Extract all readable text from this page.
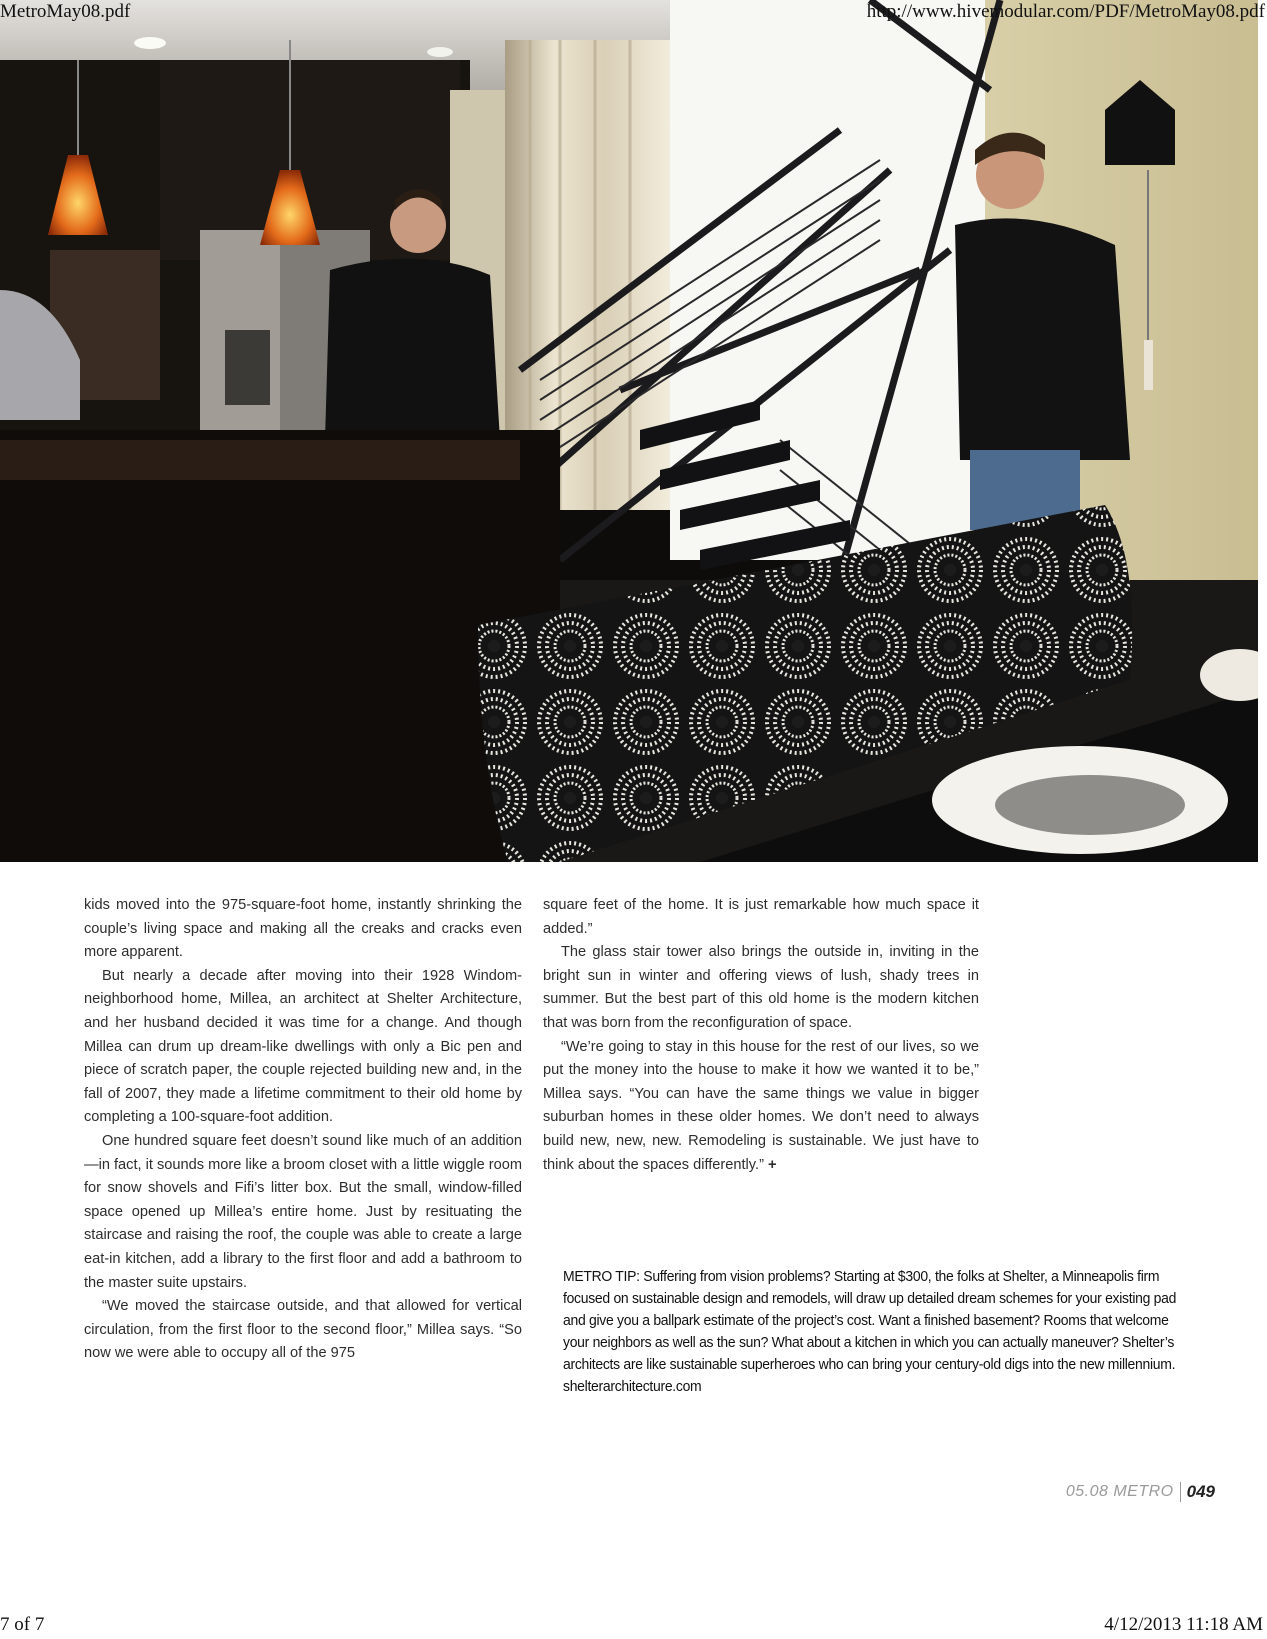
MetroMay08.pdf	http://www.hivemodular.com/PDF/MetroMay08.pdf

kids moved into the 975-square-foot home, instantly shrinking the couple’s living space and making all the creaks and cracks even more apparent.

But nearly a decade after moving into their 1928 Windom-neighborhood home, Millea, an architect at Shelter Architecture, and her husband decided it was time for a change. And though Millea can drum up dream-like dwellings with only a Bic pen and piece of scratch paper, the couple rejected building new and, in the fall of 2007, they made a lifetime commitment to their old home by completing a 100-square-foot addition.

One hundred square feet doesn’t sound like much of an addition—in fact, it sounds more like a broom closet with a little wiggle room for snow shovels and Fifi’s litter box. But the small, window-filled space opened up Millea’s entire home. Just by resituating the staircase and raising the roof, the couple was able to create a large eat-in kitchen, add a library to the first floor and add a bathroom to the master suite upstairs.

“We moved the staircase outside, and that allowed for vertical circulation, from the first floor to the second floor,” Millea says. “So now we were able to occupy all of the 975

square feet of the home. It is just remarkable how much space it added.”

The glass stair tower also brings the outside in, inviting in the bright sun in winter and offering views of lush, shady trees in summer. But the best part of this old home is the modern kitchen that was born from the reconfiguration of space.

“We’re going to stay in this house for the rest of our lives, so we put the money into the house to make it how we wanted it to be,” Millea says. “You can have the same things we value in bigger suburban homes in these older homes. We don’t need to always build new, new, new. Remodeling is sustainable. We just have to think about the spaces differently.” +

METRO TIP: Suffering from vision problems? Starting at $300, the folks at Shelter, a Minneapolis firm focused on sustainable design and remodels, will draw up detailed dream schemes for your existing pad and give you a ballpark estimate of the project’s cost. Want a finished basement? Rooms that welcome your neighbors as well as the sun? What about a kitchen in which you can actually maneuver? Shelter’s architects are like sustainable superheroes who can bring your century-old digs into the new millennium. shelterarchitecture.com
05.08 METRO 049
7 of 7	4/12/2013 11:18 AM
